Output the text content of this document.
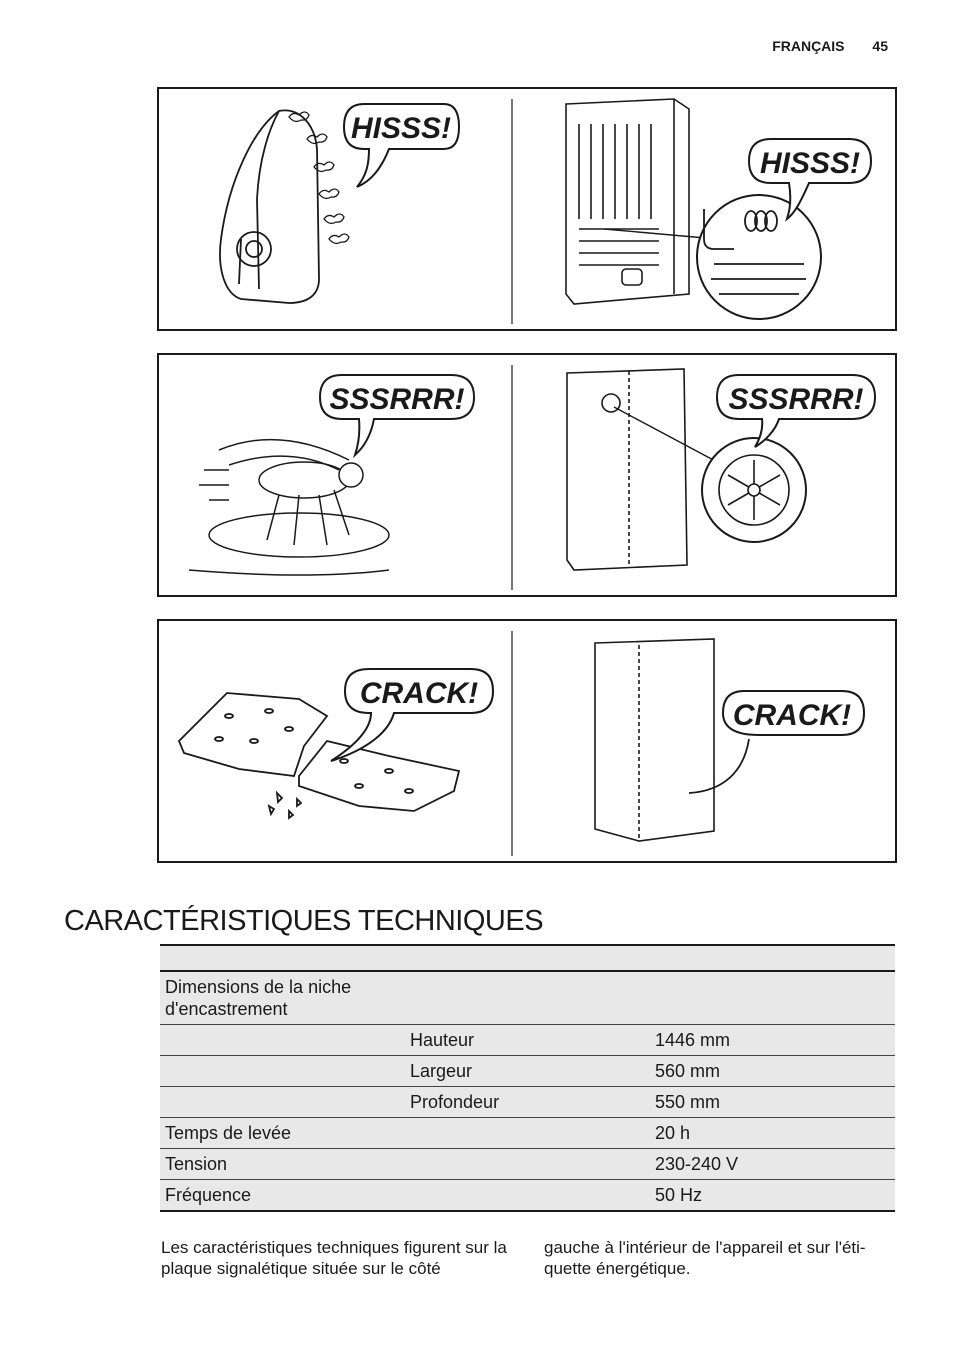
FRANÇAIS 45
HISSS!
HISSS!
SSSRRR!	SSSRRR!
CRACK!
CRACK!
CARACTÉRISTIQUES TECHNIQUES

Dimensions de la niche d'encastrement		
	Hauteur	1446 mm
	Largeur	560 mm
	Profondeur	550 mm
Temps de levée		20 h
Tension		230-240 V
Fréquence		50 Hz

Les caractéristiques techniques figurent sur la plaque signalétique située sur le côté

gauche à l'intérieur de l'appareil et sur l'éti-quette énergétique.
